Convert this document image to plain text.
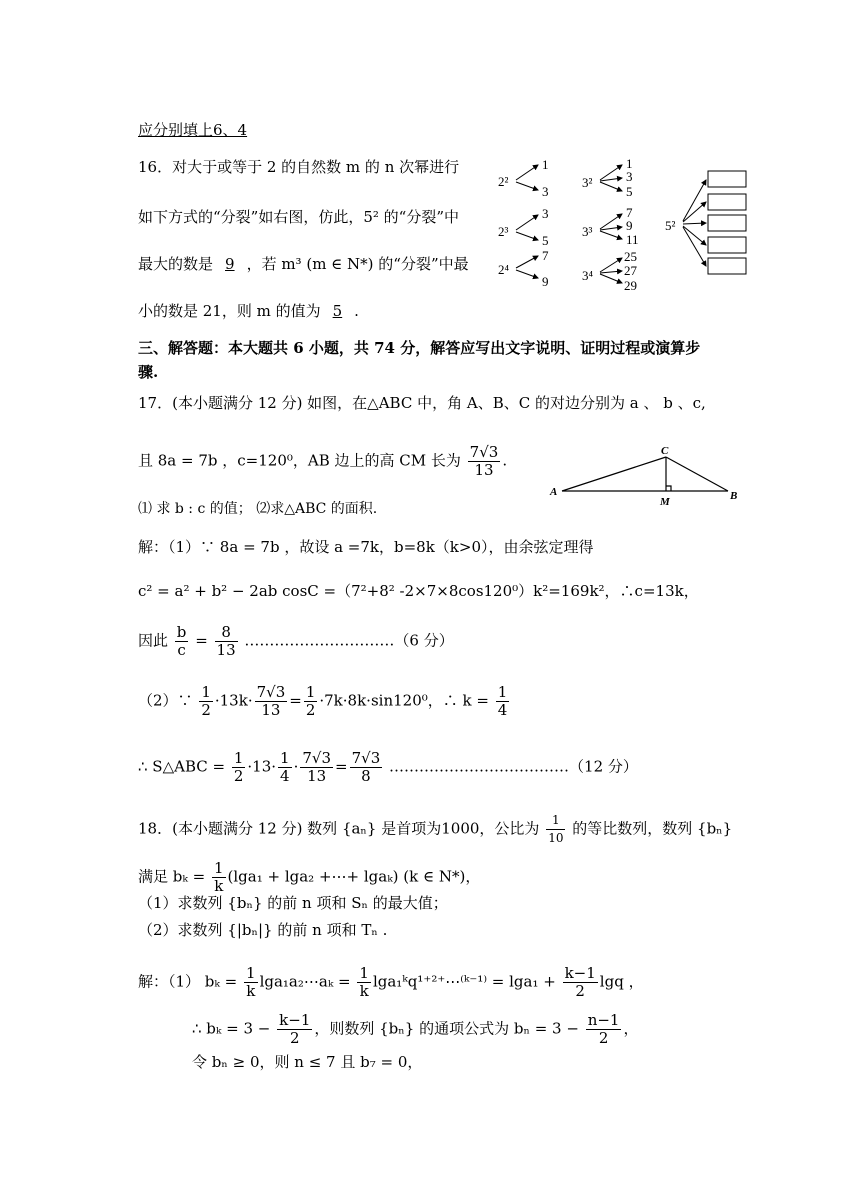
应分别填上6、4
16．对大于或等于 2 的自然数 m 的 n 次幂进行
如下方式的“分裂”如右图，仿此，5² 的“分裂”中
最大的数是 9 ，若 m³ (m ∈ N*) 的“分裂”中最
小的数是 21，则 m 的值为 5 .
2²
1
3
2³
3
5
2⁴
7
9
3²
1
3
5
3³
7
9
11
3⁴
25
27
29
5²
三、解答题：本大题共 6 小题，共 74 分，解答应写出文字说明、证明过程或演算步
骤.
17．(本小题满分 12 分) 如图，在△ABC 中，角 A、B、C 的对边分别为 a 、 b 、c,
且 8a = 7b ，c=120⁰，AB 边上的高 CM 长为 $\frac{7√3}{13}$ .
A	B
C
M
⑴ 求 b : c 的值； ⑵求△ABC 的面积.
解：（1）∵ 8a = 7b ，故设 a =7k，b=8k（k>0），由余弦定理得
c² = a² + b² − 2ab cosC =（7²+8² -2×7×8cos120⁰）k²=169k²，∴c=13k，
因此 $\frac{b}{c} = \frac{8}{13}$ …………………………（6 分）
（2）∵ $\frac{1}{2} \cdot 13k\cdot \frac{7√3}{13} = \frac{1}{2} \cdot 7k\cdot 8k\cdot\sin 120^0$，∴ $k = \frac{1}{4}$
∴ S△ABC = $\frac{1}{2} \cdot 13\cdot \frac{1}{4} \cdot \frac{7√3}{13} = \frac{7√3}{8}$ ………………………………（12 分）
18．(本小题满分 12 分) 数列 {aₙ} 是首项为1000，公比为 $\frac{1}{10}$ 的等比数列，数列 {bₙ}
满足 $b_k = \frac{1}{k} (\lg a_1 + \lg a_2$ +⋯+ lgaₖ) (k ∈ N*)，
（1）求数列 {bₙ} 的前 n 项和 Sₙ 的最大值；
（2）求数列 {|bₙ|} 的前 n 项和 Tₙ .
解：（1） $b_k = \frac{1}{k}$ lga₁a₂⋯aₖ = $\frac{1}{k}$ lga₁ᵏq¹⁺²⁺⋯⁽ᵏ⁻¹⁾ = $\lg a_1 + \frac{k-1}{2}$ lgq ，
∴ $b_k = 3 - \frac{k-1}{2}$ ，则数列 {bₙ} 的通项公式为 $b_n = 3 - \frac{n-1}{2}$ ，
令 bₙ ≥ 0，则 n ≤ 7 且 b₇ = 0，
